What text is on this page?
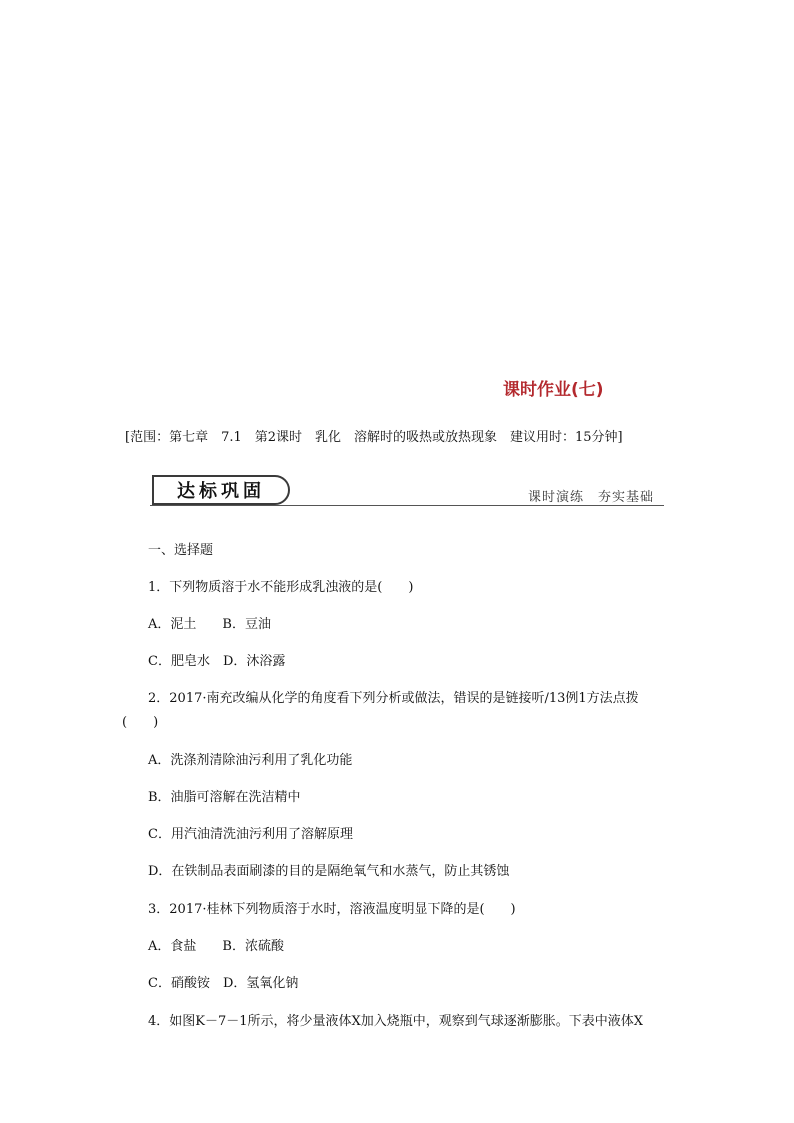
课时作业(七)
[范围：第七章　7.1　第2课时　乳化　溶解时的吸热或放热现象　建议用时：15分钟]
达标巩固	课时演练　夯实基础
一、选择题
1．下列物质溶于水不能形成乳浊液的是(　　)
A．泥土　　B．豆油
C．肥皂水　D．沐浴露
2．2017·南充改编从化学的角度看下列分析或做法，错误的是链接听/13例1方法点拨
(　　)
A．洗涤剂清除油污利用了乳化功能
B．油脂可溶解在洗洁精中
C．用汽油清洗油污利用了溶解原理
D．在铁制品表面刷漆的目的是隔绝氧气和水蒸气，防止其锈蚀
3．2017·桂林下列物质溶于水时，溶液温度明显下降的是(　　)
A．食盐　　B．浓硫酸
C．硝酸铵　D．氢氧化钠
4．如图K－7－1所示，将少量液体X加入烧瓶中，观察到气球逐渐膨胀。下表中液体X
